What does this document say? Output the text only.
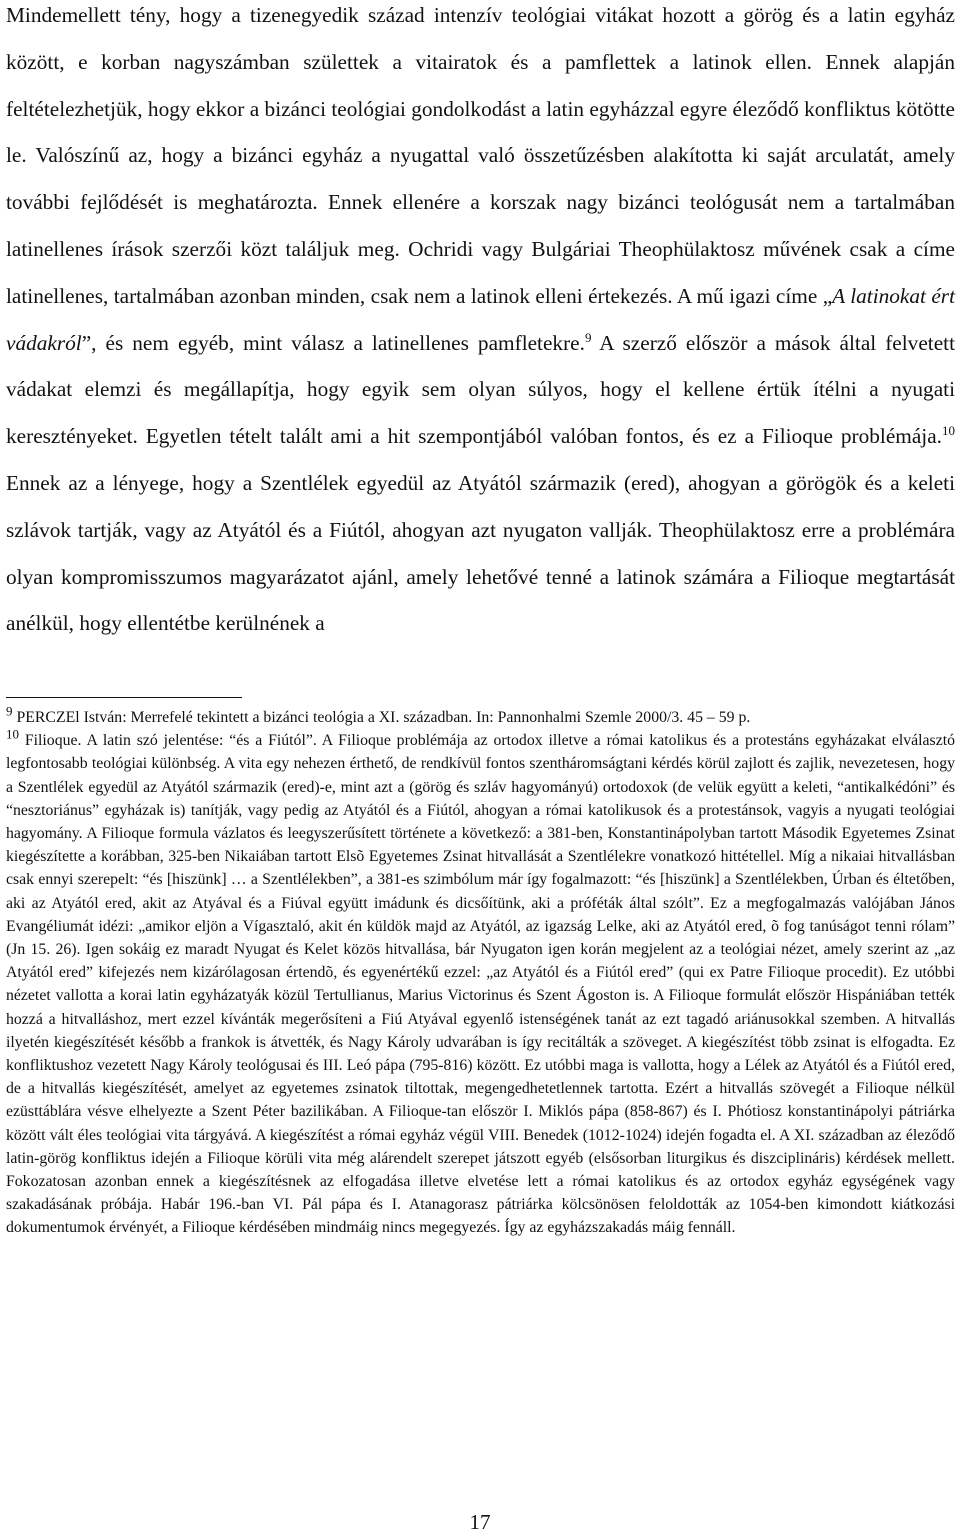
Mindemellett tény, hogy a tizenegyedik század intenzív teológiai vitákat hozott a görög és a latin egyház között, e korban nagyszámban születtek a vitairatok és a pamflettek a latinok ellen. Ennek alapján feltételezhetjük, hogy ekkor a bizánci teológiai gondolkodást a latin egyházzal egyre éleződő konfliktus kötötte le. Valószínű az, hogy a bizánci egyház a nyugattal való összetűzésben alakította ki saját arculatát, amely további fejlődését is meghatározta. Ennek ellenére a korszak nagy bizánci teológusát nem a tartalmában latinellenes írások szerzői közt találjuk meg. Ochridi vagy Bulgáriai Theophülaktosz művének csak a címe latinellenes, tartalmában azonban minden, csak nem a latinok elleni értekezés. A mű igazi címe „A latinokat ért vádakról”, és nem egyéb, mint válasz a latinellenes pamfletekre.$^9$ A szerző először a mások által felvetett vádakat elemzi és megállapítja, hogy egyik sem olyan súlyos, hogy el kellene értük ítélni a nyugati keresztényeket. Egyetlen tételt talált ami a hit szempontjából valóban fontos, és ez a Filioque problémája.$^{10}$ Ennek az a lényege, hogy a Szentlélek egyedül az Atyától származik (ered), ahogyan a görögök és a keleti szlávok tartják, vagy az Atyától és a Fiútól, ahogyan azt nyugaton vallják. Theophülaktosz erre a problémára olyan kompromisszumos magyarázatot ajánl, amely lehetővé tenné a latinok számára a Filioque megtartását anélkül, hogy ellentétbe kerülnének a

$^9$ PERCZEl István: Merrefelé tekintett a bizánci teológia a XI. században. In: Pannonhalmi Szemle 2000/3. 45 – 59 p.

$^{10}$ Filioque. A latin szó jelentése: “és a Fiútól”. A Filioque problémája az ortodox illetve a római katolikus és a protestáns egyházakat elválasztó legfontosabb teológiai különbség. A vita egy nehezen érthető, de rendkívül fontos szentháromságtani kérdés körül zajlott és zajlik, nevezetesen, hogy a Szentlélek egyedül az Atyától származik (ered)-e, mint azt a (görög és szláv hagyományú) ortodoxok (de velük együtt a keleti, “antikalkédóni” és “nesztoriánus” egyházak is) tanítják, vagy pedig az Atyától és a Fiútól, ahogyan a római katolikusok és a protestánsok, vagyis a nyugati teológiai hagyomány. A Filioque formula vázlatos és leegyszerűsített története a következő: a 381-ben, Konstantinápolyban tartott Második Egyetemes Zsinat kiegészítette a korábban, 325-ben Nikaiában tartott Elsõ Egyetemes Zsinat hitvallását a Szentlélekre vonatkozó hittétellel. Míg a nikaiai hitvallásban csak ennyi szerepelt: “és [hiszünk] … a Szentlélekben”, a 381-es szimbólum már így fogalmazott: “és [hiszünk] a Szentlélekben, Úrban és éltetőben, aki az Atyától ered, akit az Atyával és a Fiúval együtt imádunk és dicsőítünk, aki a próféták által szólt”. Ez a megfogalmazás valójában János Evangéliumát idézi: „amikor eljön a Vígasztaló, akit én küldök majd az Atyától, az igazság Lelke, aki az Atyától ered, õ fog tanúságot tenni rólam” (Jn 15. 26). Igen sokáig ez maradt Nyugat és Kelet közös hitvallása, bár Nyugaton igen korán megjelent az a teológiai nézet, amely szerint az „az Atyától ered” kifejezés nem kizárólagosan értendõ, és egyenértékű ezzel: „az Atyától és a Fiútól ered” (qui ex Patre Filioque procedit). Ez utóbbi nézetet vallotta a korai latin egyházatyák közül Tertullianus, Marius Victorinus és Szent Ágoston is. A Filioque formulát először Hispániában tették hozzá a hitvalláshoz, mert ezzel kívánták megerősíteni a Fiú Atyával egyenlő istenségének tanát az ezt tagadó ariánusokkal szemben. A hitvallás ilyetén kiegészítését később a frankok is átvették, és Nagy Károly udvarában is így recitálták a szöveget. A kiegészítést több zsinat is elfogadta. Ez konfliktushoz vezetett Nagy Károly teológusai és III. Leó pápa (795-816) között. Ez utóbbi maga is vallotta, hogy a Lélek az Atyától és a Fiútól ered, de a hitvallás kiegészítését, amelyet az egyetemes zsinatok tiltottak, megengedhetetlennek tartotta. Ezért a hitvallás szövegét a Filioque nélkül ezüsttáblára vésve elhelyezte a Szent Péter bazilikában. A Filioque-tan először I. Miklós pápa (858-867) és I. Phótiosz konstantinápolyi pátriárka között vált éles teológiai vita tárgyává. A kiegészítést a római egyház végül VIII. Benedek (1012-1024) idején fogadta el. A XI. században az éleződő latin-görög konfliktus idején a Filioque körüli vita még alárendelt szerepet játszott egyéb (elsősorban liturgikus és diszciplináris) kérdések mellett. Fokozatosan azonban ennek a kiegészítésnek az elfogadása illetve elvetése lett a római katolikus és az ortodox egyház egységének vagy szakadásának próbája. Habár 196.-ban VI. Pál pápa és I. Atanagorasz pátriárka kölcsönösen feloldották az 1054-ben kimondott kiátkozási dokumentumok érvényét, a Filioque kérdésében mindmáig nincs megegyezés. Így az egyházszakadás máig fennáll.

17
